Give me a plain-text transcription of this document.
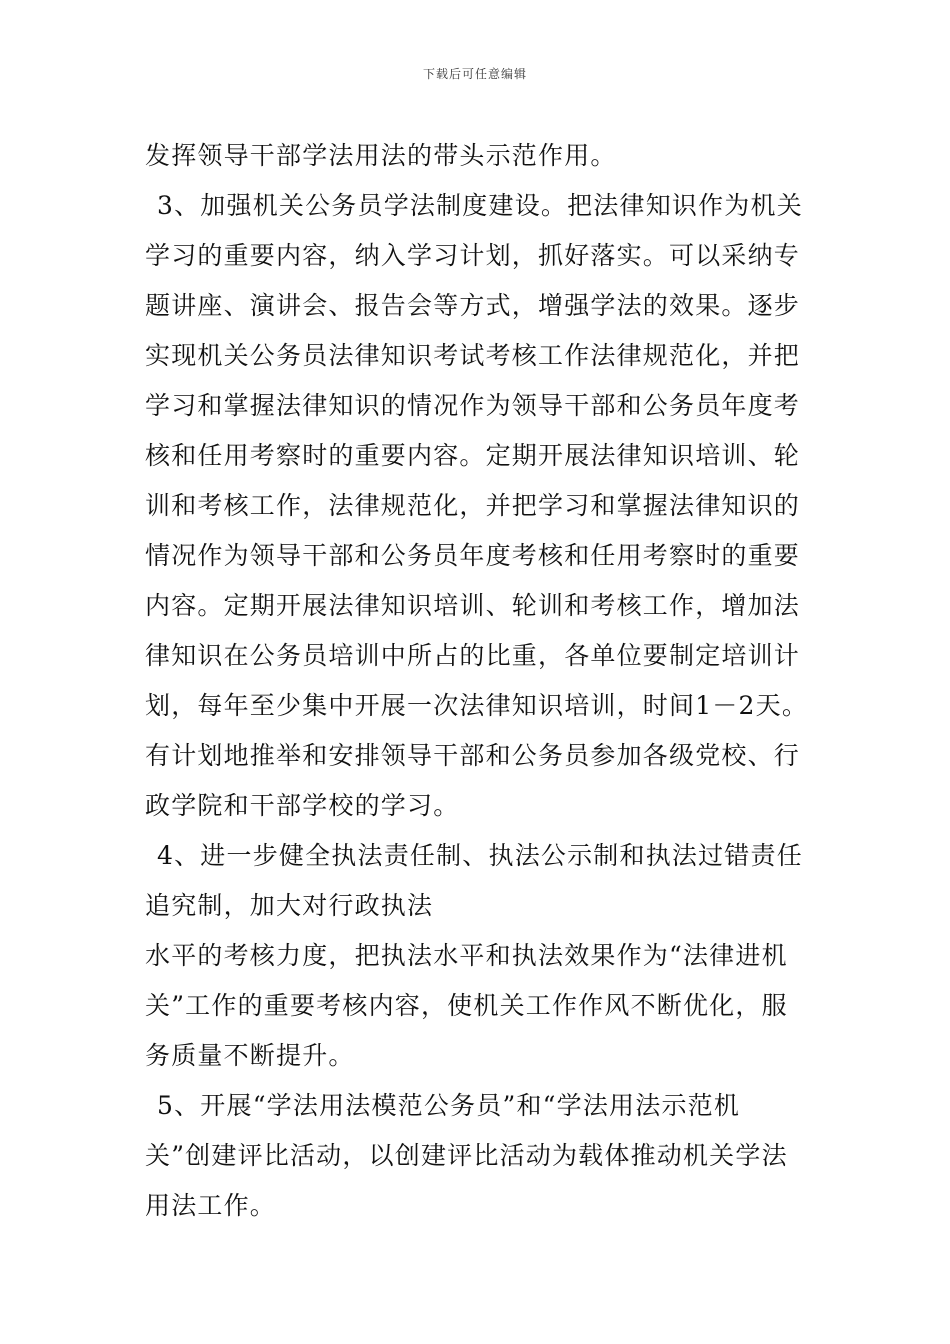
下载后可任意编辑
发挥领导干部学法用法的带头示范作用。
3、加强机关公务员学法制度建设。把法律知识作为机关
学习的重要内容，纳入学习计划，抓好落实。可以采纳专
题讲座、演讲会、报告会等方式，增强学法的效果。逐步
实现机关公务员法律知识考试考核工作法律规范化，并把
学习和掌握法律知识的情况作为领导干部和公务员年度考
核和任用考察时的重要内容。定期开展法律知识培训、轮
训和考核工作，法律规范化，并把学习和掌握法律知识的
情况作为领导干部和公务员年度考核和任用考察时的重要
内容。定期开展法律知识培训、轮训和考核工作，增加法
律知识在公务员培训中所占的比重，各单位要制定培训计
划，每年至少集中开展一次法律知识培训，时间1－2天。
有计划地推举和安排领导干部和公务员参加各级党校、行
政学院和干部学校的学习。
4、进一步健全执法责任制、执法公示制和执法过错责任
追究制，加大对行政执法
水平的考核力度，把执法水平和执法效果作为“法律进机
关”工作的重要考核内容，使机关工作作风不断优化，服
务质量不断提升。
5、开展“学法用法模范公务员”和“学法用法示范机
关”创建评比活动，以创建评比活动为载体推动机关学法
用法工作。
